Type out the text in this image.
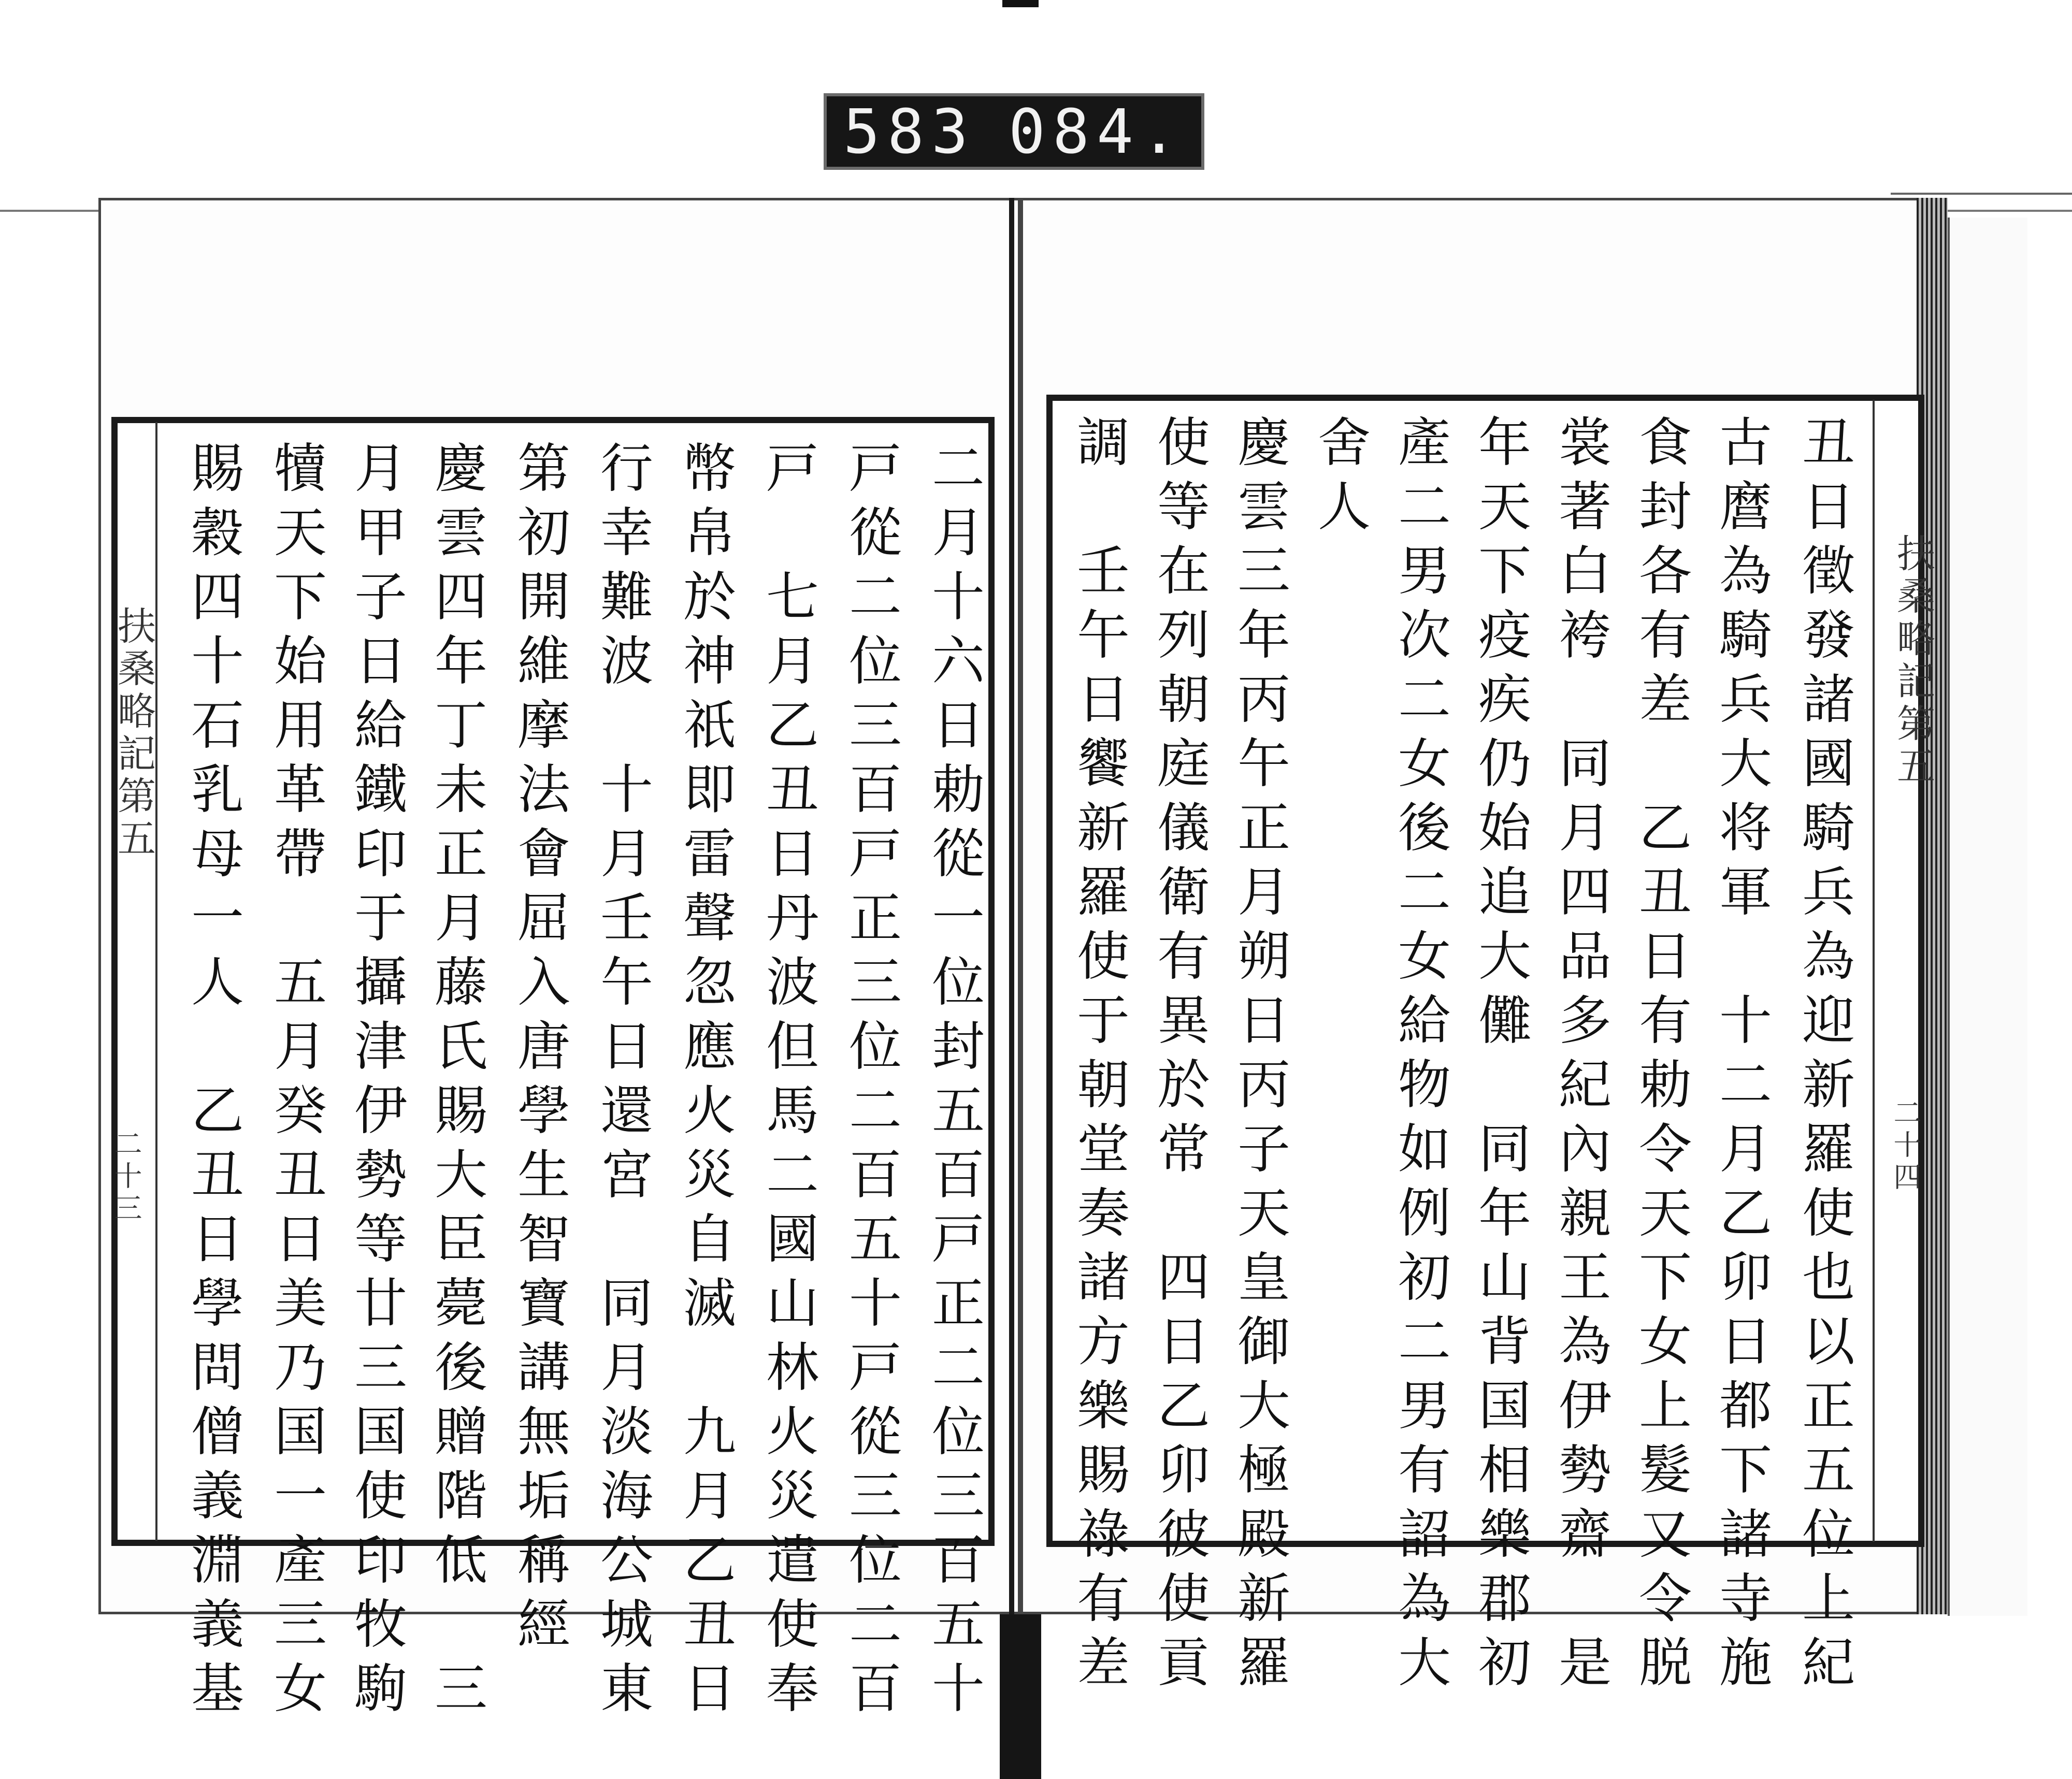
583 084.
扶桑略記第五
二十三
扶桑略記第五
二十四
二月十六日勅從一位封五百戸正二位三百五十
戸從二位三百戸正三位二百五十戸從三位二百
戸　七月乙丑日丹波但馬二國山林火災遣使奉
幣帛於神祇即雷聲忽應火災自滅　九月乙丑日
行幸難波　十月壬午日還宮　同月淡海公城東
第初開維摩法會屈入唐學生智寶講無垢稱經
慶雲四年丁未正月藤氏賜大臣薨後贈階低　三
月甲子日給鐵印于攝津伊勢等廿三国使印牧駒
犢天下始用革帶　五月癸丑日美乃国一產三女
賜穀四十石乳母一人　乙丑日學問僧義淵義基	丑日徵發諸國騎兵為迎新羅使也以正五位上紀
古麿為騎兵大将軍　十二月乙卯日都下諸寺施
食封各有差　乙丑日有勅令天下女上髮又令脱
裳著白袴　同月四品多紀內親王為伊勢齋　是
年天下疫疾仍始追大儺　同年山背国相樂郡初
產二男次二女後二女給物如例初二男有詔為大
舍人
慶雲三年丙午正月朔日丙子天皇御大極殿新羅
使等在列朝庭儀衛有異於常　四日乙卯彼使貢
調　壬午日饗新羅使于朝堂奏諸方樂賜祿有差
